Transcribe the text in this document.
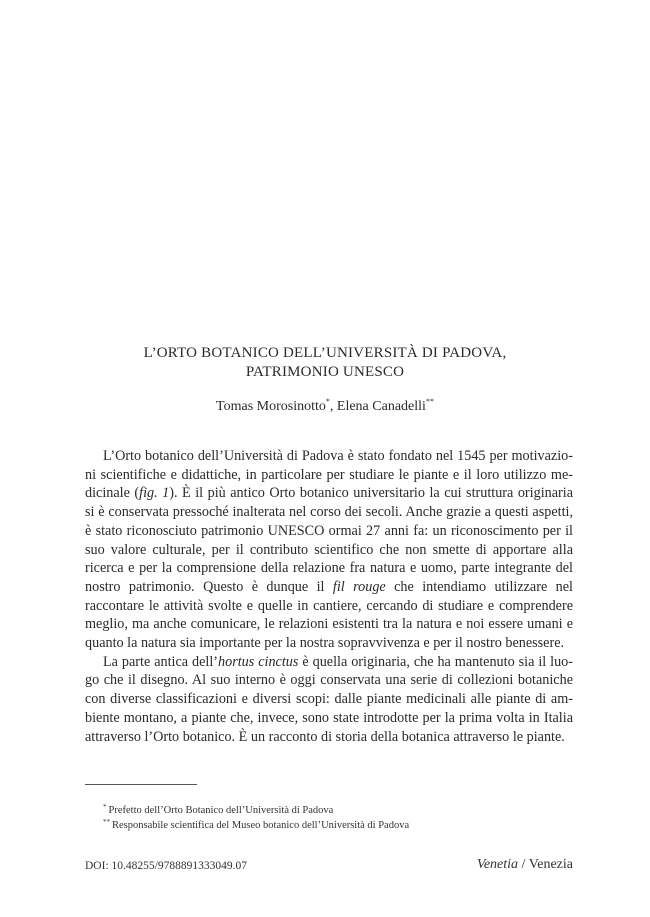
L’ORTO BOTANICO DELL’UNIVERSITÀ DI PADOVA,
PATRIMONIO UNESCO
Tomas Morosinotto*, Elena Canadelli**

L’Orto botanico dell’Università di Padova è stato fondato nel 1545 per motivazioni scientifiche e didattiche, in particolare per studiare le piante e il loro utilizzo medicinale (fig. 1). È il più antico Orto botanico universitario la cui struttura originaria si è conservata pressoché inalterata nel corso dei secoli. Anche grazie a questi aspetti, è stato riconosciuto patrimonio UNESCO ormai 27 anni fa: un riconoscimento per il suo valore culturale, per il contributo scientifico che non smette di apportare alla ricerca e per la comprensione della relazione fra natura e uomo, parte integrante del nostro patrimonio. Questo è dunque il fil rouge che intendiamo utilizzare nel raccontare le attività svolte e quelle in cantiere, cercando di studiare e comprendere meglio, ma anche comunicare, le relazioni esistenti tra la natura e noi essere umani e quanto la natura sia importante per la nostra sopravvivenza e per il nostro benessere.

La parte antica dell’hortus cinctus è quella originaria, che ha mantenuto sia il luogo che il disegno. Al suo interno è oggi conservata una serie di collezioni botaniche con diverse classificazioni e diversi scopi: dalle piante medicinali alle piante di ambiente montano, a piante che, invece, sono state introdotte per la prima volta in Italia attraverso l’Orto botanico. È un racconto di storia della botanica attraverso le piante.

* Prefetto dell’Orto Botanico dell’Università di Padova
** Responsabile scientifica del Museo botanico dell’Università di Padova
DOI: 10.48255/9788891333049.07	Venetia / Venezia
